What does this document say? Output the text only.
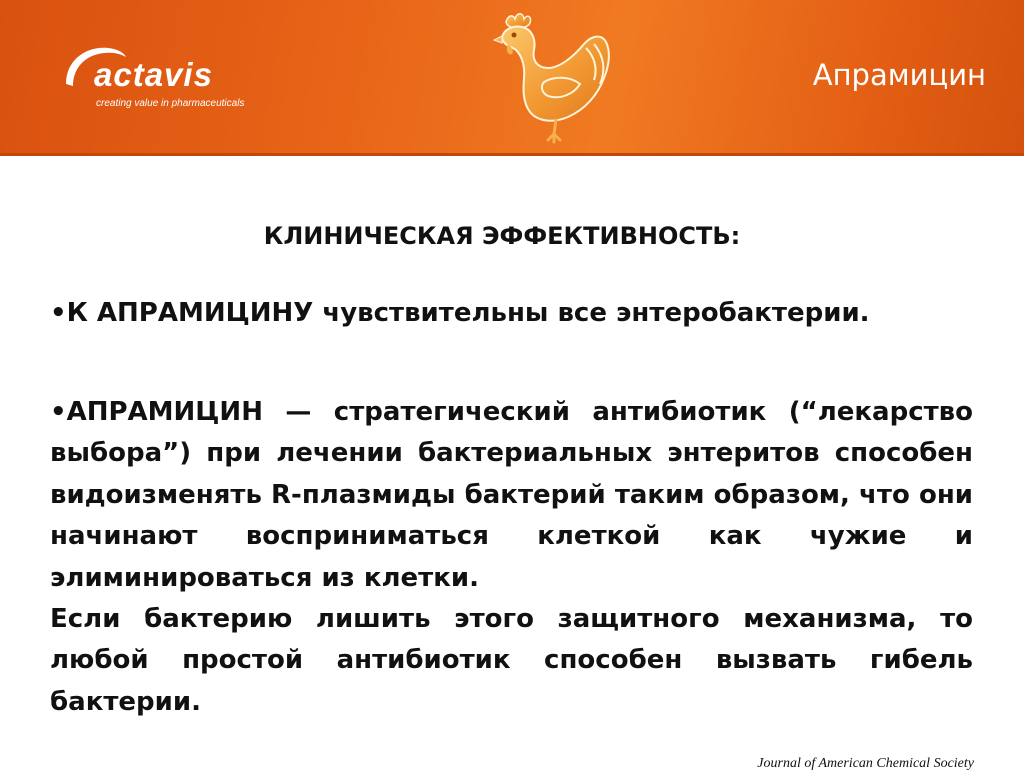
actavis
creating value in pharmaceuticals
Апрамицин
КЛИНИЧЕСКАЯ ЭФФЕКТИВНОСТЬ:
•К АПРАМИЦИНУ чувствительны все энтеробактерии.

•АПРАМИЦИН — стратегический антибиотик (“лекарство выбора”) при лечении бактериальных энтеритов способен видоизменять R-плазмиды бактерий таким образом, что они начинают восприниматься клеткой как чужие и элиминироваться из клетки.

Если бактерию лишить этого защитного механизма, то любой простой антибиотик способен вызвать гибель бактерии.

Journal of American Chemical Society
